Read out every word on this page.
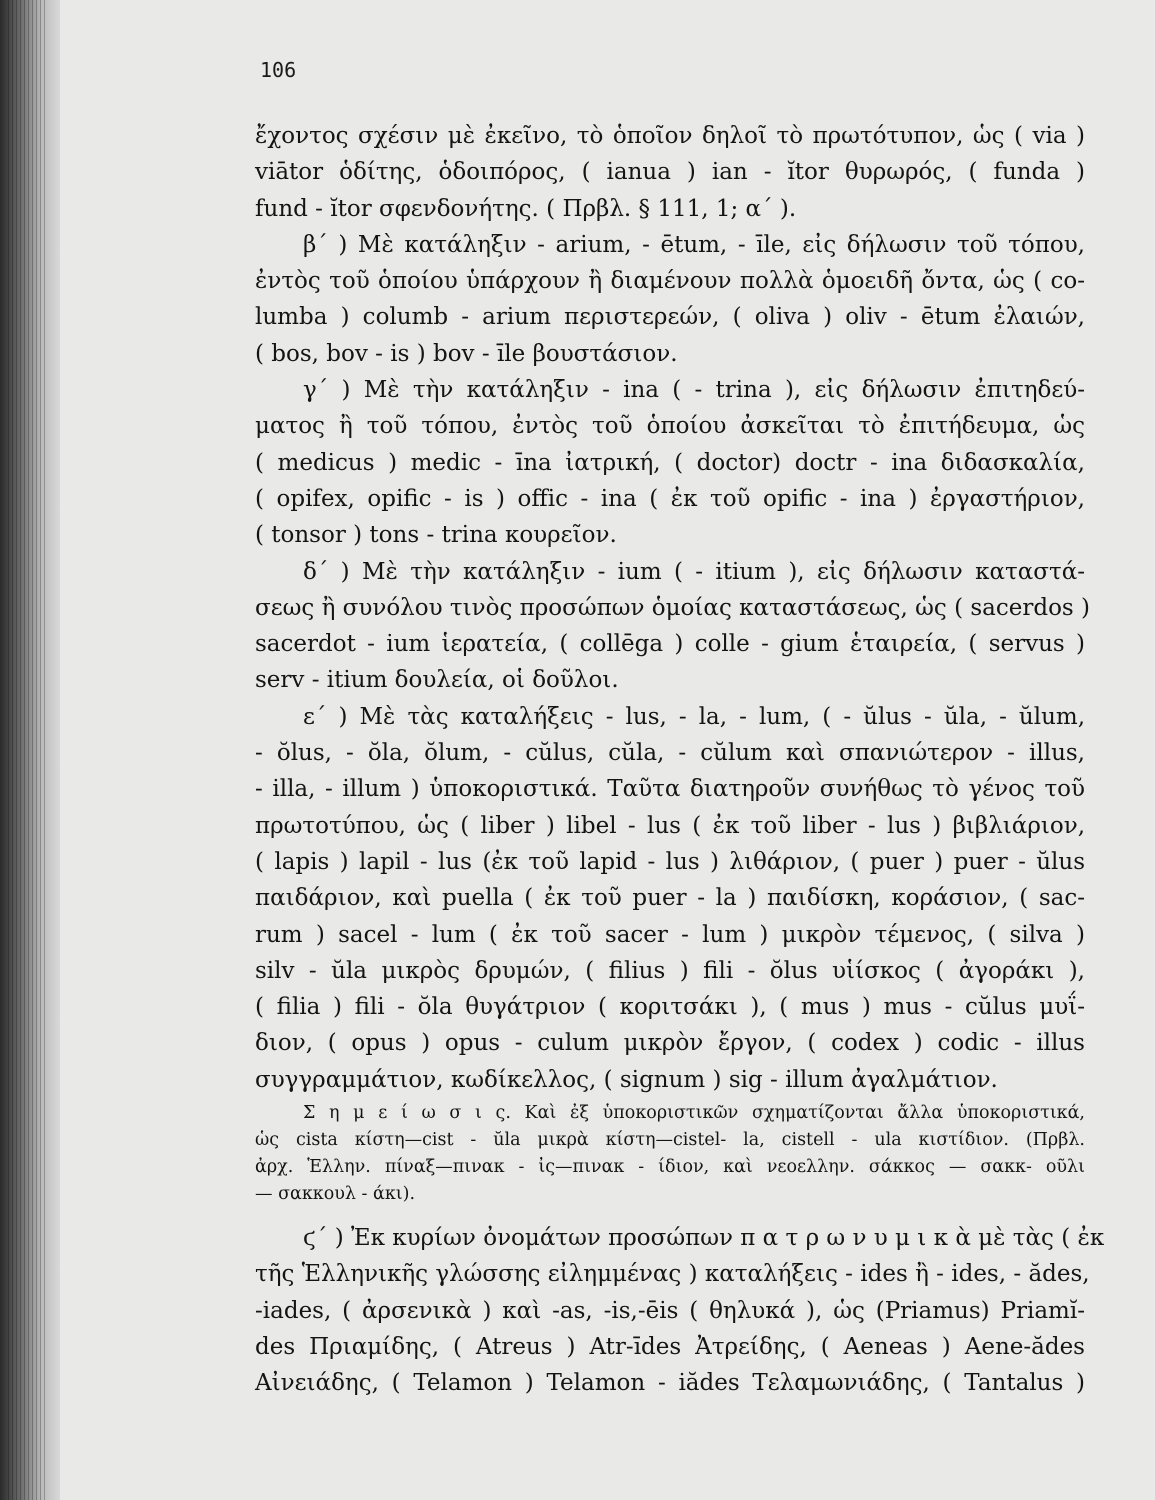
106

ἔχοντος σχέσιν μὲ ἐκεῖνο, τὸ ὁποῖον δηλοῖ τὸ πρωτότυπον, ὡς ( via )
viātor ὁδίτης, ὁδοιπόρος, ( ianua ) ian - ĭtor θυρωρός, ( funda )
fund - ĭtor σφενδονήτης. ( Πρβλ. § 111, 1; α΄ ).
β΄ ) Μὲ κατάληξιν - arium, - ētum, - īle, εἰς δήλωσιν τοῦ τόπου,
ἐντὸς τοῦ ὁποίου ὑπάρχουν ἢ διαμένουν πολλὰ ὁμοειδῆ ὄντα, ὡς ( co-
lumba ) columb - arium περιστερεών, ( oliva ) oliv - ētum ἐλαιών,
( bos, bov - is ) bov - īle βουστάσιον.
γ΄ ) Μὲ τὴν κατάληξιν - ina ( - trina ), εἰς δήλωσιν ἐπιτηδεύ-
ματος ἢ τοῦ τόπου, ἐντὸς τοῦ ὁποίου ἀσκεῖται τὸ ἐπιτήδευμα, ὡς
( medicus ) medic - īna ἰατρική, ( doctor) doctr - ina διδασκαλία,
( opifex, opific - is ) offic - ina ( ἐκ τοῦ opific - ina ) ἐργαστήριον,
( tonsor ) tons - trina κουρεῖον.
δ΄ ) Μὲ τὴν κατάληξιν - ium ( - itium ), εἰς δήλωσιν καταστά-
σεως ἢ συνόλου τινὸς προσώπων ὁμοίας καταστάσεως, ὡς ( sacerdos )
sacerdot - ium ἱερατεία, ( collēga ) colle - gium ἑταιρεία, ( servus )
serv - itium δουλεία, οἱ δοῦλοι.
ε΄ ) Μὲ τὰς καταλήξεις - lus, - la, - lum, ( - ŭlus - ŭla, - ŭlum,
- ŏlus, - ŏla, ŏlum, - cŭlus, cŭla, - cŭlum καὶ σπανιώτερον - illus,
- illa, - illum ) ὑποκοριστικά. Ταῦτα διατηροῦν συνήθως τὸ γένος τοῦ
πρωτοτύπου, ὡς ( liber ) libel - lus ( ἐκ τοῦ liber - lus ) βιβλιάριον,
( lapis ) lapil - lus (ἐκ τοῦ lapid - lus ) λιθάριον, ( puer ) puer - ŭlus
παιδάριον, καὶ puella ( ἐκ τοῦ puer - la ) παιδίσκη, κοράσιον, ( sac-
rum ) sacel - lum ( ἐκ τοῦ sacer - lum ) μικρὸν τέμενος, ( silva )
silv - ŭla μικρὸς δρυμών, ( filius ) fili - ŏlus υἱίσκος ( ἀγοράκι ),
( filia ) fili - ŏla θυγάτριον ( κοριτσάκι ), ( mus ) mus - cŭlus μυΐ-
διον, ( opus ) opus - culum μικρὸν ἔργον, ( codex ) codic - illus
συγγραμμάτιον, κωδίκελλος, ( signum ) sig - illum ἀγαλμάτιον.
Σ η μ ε ί ω σ ι ς. Καὶ ἐξ ὑποκοριστικῶν σχηματίζονται ἄλλα ὑποκοριστικά,
ὡς cista κίστη—cist - ŭla μικρὰ κίστη—cistel- la, cistell - ula κιστίδιον. (Πρβλ.
ἀρχ. Ἑλλην. πίναξ—πινακ - ἰς—πινακ - ίδιον, καὶ νεοελλην. σάκκος — σακκ- οῦλι
— σακκουλ - άκι).
ϛ΄ ) Ἐκ κυρίων ὀνομάτων προσώπων π α τ ρ ω ν υ μ ι κ ὰ μὲ τὰς ( ἐκ
τῆς Ἑλληνικῆς γλώσσης εἰλημμένας ) καταλήξεις - ides ἢ - ides, - ădes,
-iades, ( ἀρσενικὰ ) καὶ -as, -is,-ēis ( θηλυκά ), ὡς (Priamus) Priamĭ-
des Πριαμίδης, ( Atreus ) Atr-īdes Ἀτρείδης, ( Aeneas ) Aene-ădes
Αἰνειάδης, ( Telamon ) Telamon - iădes Τελαμωνιάδης, ( Tantalus )
